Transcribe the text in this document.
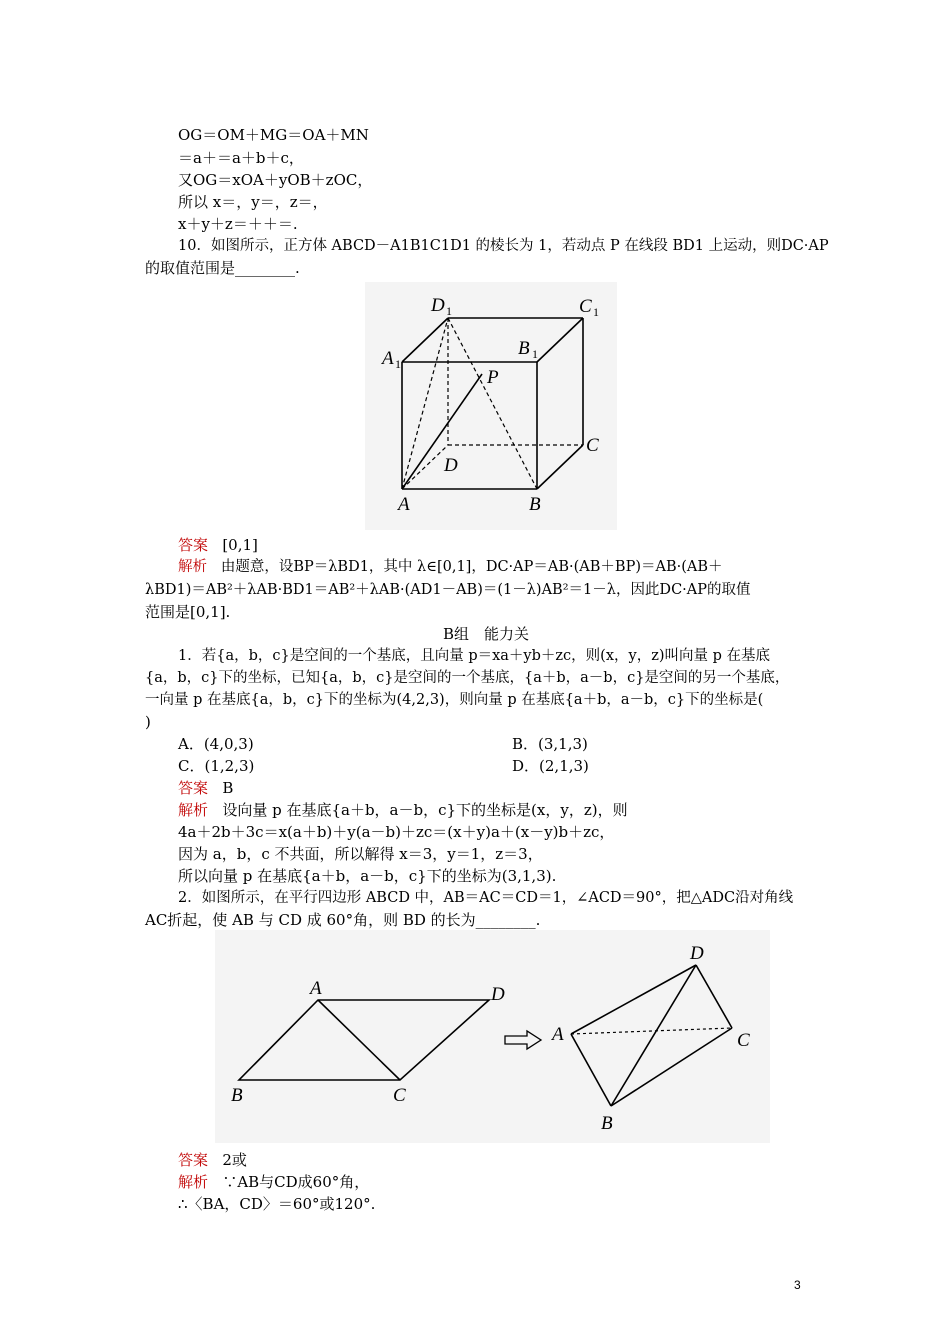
OG＝OM＋MG＝OA＋MN
＝a＋＝a＋b＋c，
又OG＝xOA＋yOB＋zOC，
所以 x＝，y＝，z＝，
x＋y＋z＝＋＋＝.
10．如图所示，正方体 ABCD－A1B1C1D1 的棱长为 1，若动点 P 在线段 BD1 上运动，则DC·AP
的取值范围是________.
D 1	C 1
A 1
B 1
P
C
D
A	B
答案 [0,1]
解析 由题意，设BP＝λBD1，其中 λ∈[0,1]，DC·AP＝AB·(AB＋BP)＝AB·(AB＋
λBD1)＝AB²＋λAB·BD1＝AB²＋λAB·(AD1－AB)＝(1－λ)AB²＝1－λ，因此DC·AP的取值
范围是[0,1].
B组　能力关
1．若{a，b，c}是空间的一个基底，且向量 p＝xa＋yb＋zc，则(x，y，z)叫向量 p 在基底
{a，b，c}下的坐标，已知{a，b，c}是空间的一个基底，{a＋b，a－b，c}是空间的另一个基底，
一向量 p 在基底{a，b，c}下的坐标为(4,2,3)，则向量 p 在基底{a＋b，a－b，c}下的坐标是(
)
A．(4,0,3)	B．(3,1,3)
C．(1,2,3)	D．(2,1,3)
答案 B
解析 设向量 p 在基底{a＋b，a－b，c}下的坐标是(x，y，z)，则
4a＋2b＋3c＝x(a＋b)＋y(a－b)＋zc＝(x＋y)a＋(x－y)b＋zc，
因为 a，b，c 不共面，所以解得 x＝3，y＝1，z＝3，
所以向量 p 在基底{a＋b，a－b，c}下的坐标为(3,1,3).
2．如图所示，在平行四边形 ABCD 中，AB＝AC＝CD＝1，∠ACD＝90°，把△ADC沿对角线
AC折起，使 AB 与 CD 成 60°角，则 BD 的长为________.
A	D
B	C
A
D
B
C
答案 2或
解析 ∵AB与CD成60°角，
∴〈BA，CD〉＝60°或120°.
3
